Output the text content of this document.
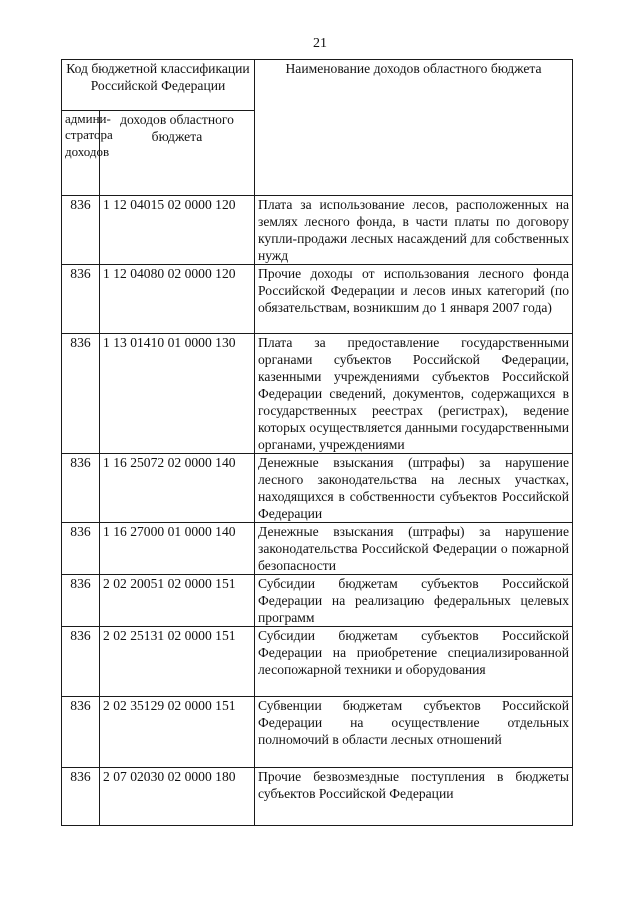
21
Код бюджетной классификации Российской Федерации		Наименование доходов областного бюджета
админи-стратора доходов	доходов областного бюджета	
836	1 12 04015 02 0000 120	Плата за использование лесов, расположенных на землях лесного фонда, в части платы по договору купли-продажи лесных насаждений для собственных нужд
836	1 12 04080 02 0000 120	Прочие доходы от использования лесного фонда Российской Федерации и лесов иных категорий (по обязательствам, возникшим до 1 января 2007 года)
836	1 13 01410 01 0000 130	Плата за предоставление государственными органами субъектов Российской Федерации, казенными учреждениями субъектов Российской Федерации сведений, документов, содержащихся в государственных реестрах (регистрах), ведение которых осуществляется данными государственными органами, учреждениями
836	1 16 25072 02 0000 140	Денежные взыскания (штрафы) за нарушение лесного законодательства на лесных участках, находящихся в собственности субъектов Российской Федерации
836	1 16 27000 01 0000 140	Денежные взыскания (штрафы) за нарушение законодательства Российской Федерации о пожарной безопасности
836	2 02 20051 02 0000 151	Субсидии бюджетам субъектов Российской Федерации на реализацию федеральных целевых программ
836	2 02 25131 02 0000 151	Субсидии бюджетам субъектов Российской Федерации на приобретение специализированной лесопожарной техники и оборудования
836	2 02 35129 02 0000 151	Субвенции бюджетам субъектов Российской Федерации на осуществление отдельных полномочий в области лесных отношений
836	2 07 02030 02 0000 180	Прочие безвозмездные поступления в бюджеты субъектов Российской Федерации
